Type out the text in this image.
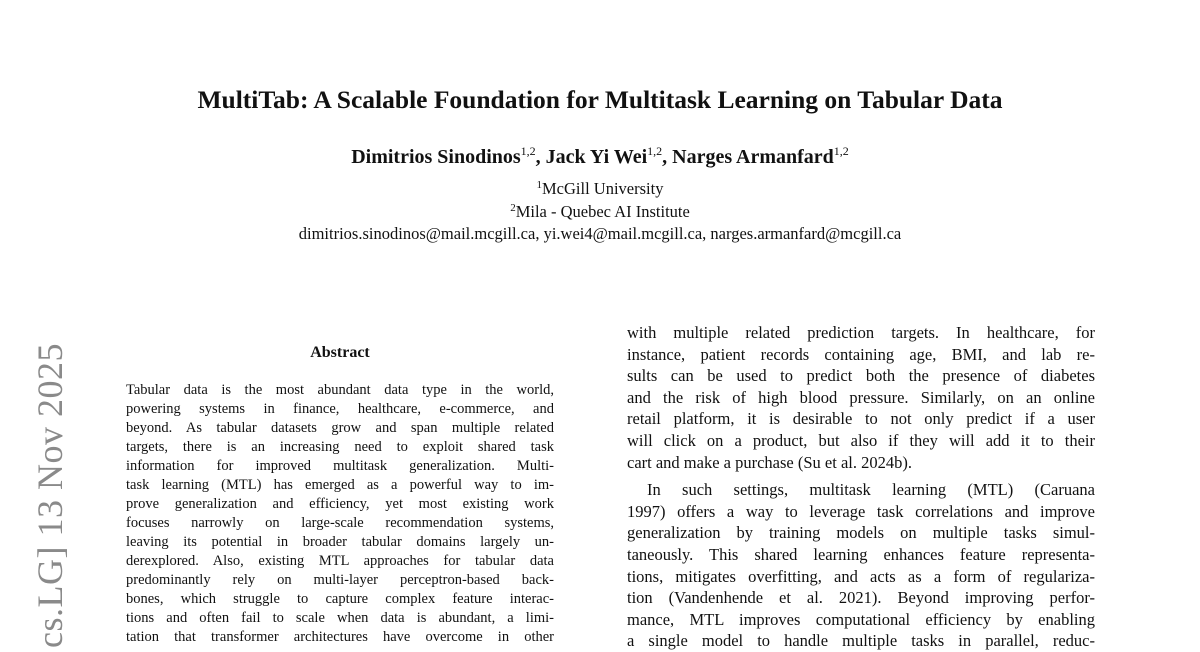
MultiTab: A Scalable Foundation for Multitask Learning on Tabular Data
Dimitrios Sinodinos$^{1,2}$, Jack Yi Wei$^{1,2}$, Narges Armanfard$^{1,2}$
$^1$McGill University
$^2$Mila - Quebec AI Institute
dimitrios.sinodinos@mail.mcgill.ca, yi.wei4@mail.mcgill.ca, narges.armanfard@mcgill.ca
cs.LG] 13 Nov 2025	Abstract
Tabular data is the most abundant data type in the world,
powering systems in finance, healthcare, e-commerce, and
beyond. As tabular datasets grow and span multiple related
targets, there is an increasing need to exploit shared task
information for improved multitask generalization. Multi-
task learning (MTL) has emerged as a powerful way to im-
prove generalization and efficiency, yet most existing work
focuses narrowly on large-scale recommendation systems,
leaving its potential in broader tabular domains largely un-
derexplored. Also, existing MTL approaches for tabular data
predominantly rely on multi-layer perceptron-based back-
bones, which struggle to capture complex feature interac-
tions and often fail to scale when data is abundant, a limi-
tation that transformer architectures have overcome in other
with multiple related prediction targets. In healthcare, for
instance, patient records containing age, BMI, and lab re-
sults can be used to predict both the presence of diabetes
and the risk of high blood pressure. Similarly, on an online
retail platform, it is desirable to not only predict if a user
will click on a product, but also if they will add it to their
cart and make a purchase (Su et al. 2024b).
In such settings, multitask learning (MTL) (Caruana
1997) offers a way to leverage task correlations and improve
generalization by training models on multiple tasks simul-
taneously. This shared learning enhances feature representa-
tions, mitigates overfitting, and acts as a form of regulariza-
tion (Vandenhende et al. 2021). Beyond improving perfor-
mance, MTL improves computational efficiency by enabling
a single model to handle multiple tasks in parallel, reduc-
